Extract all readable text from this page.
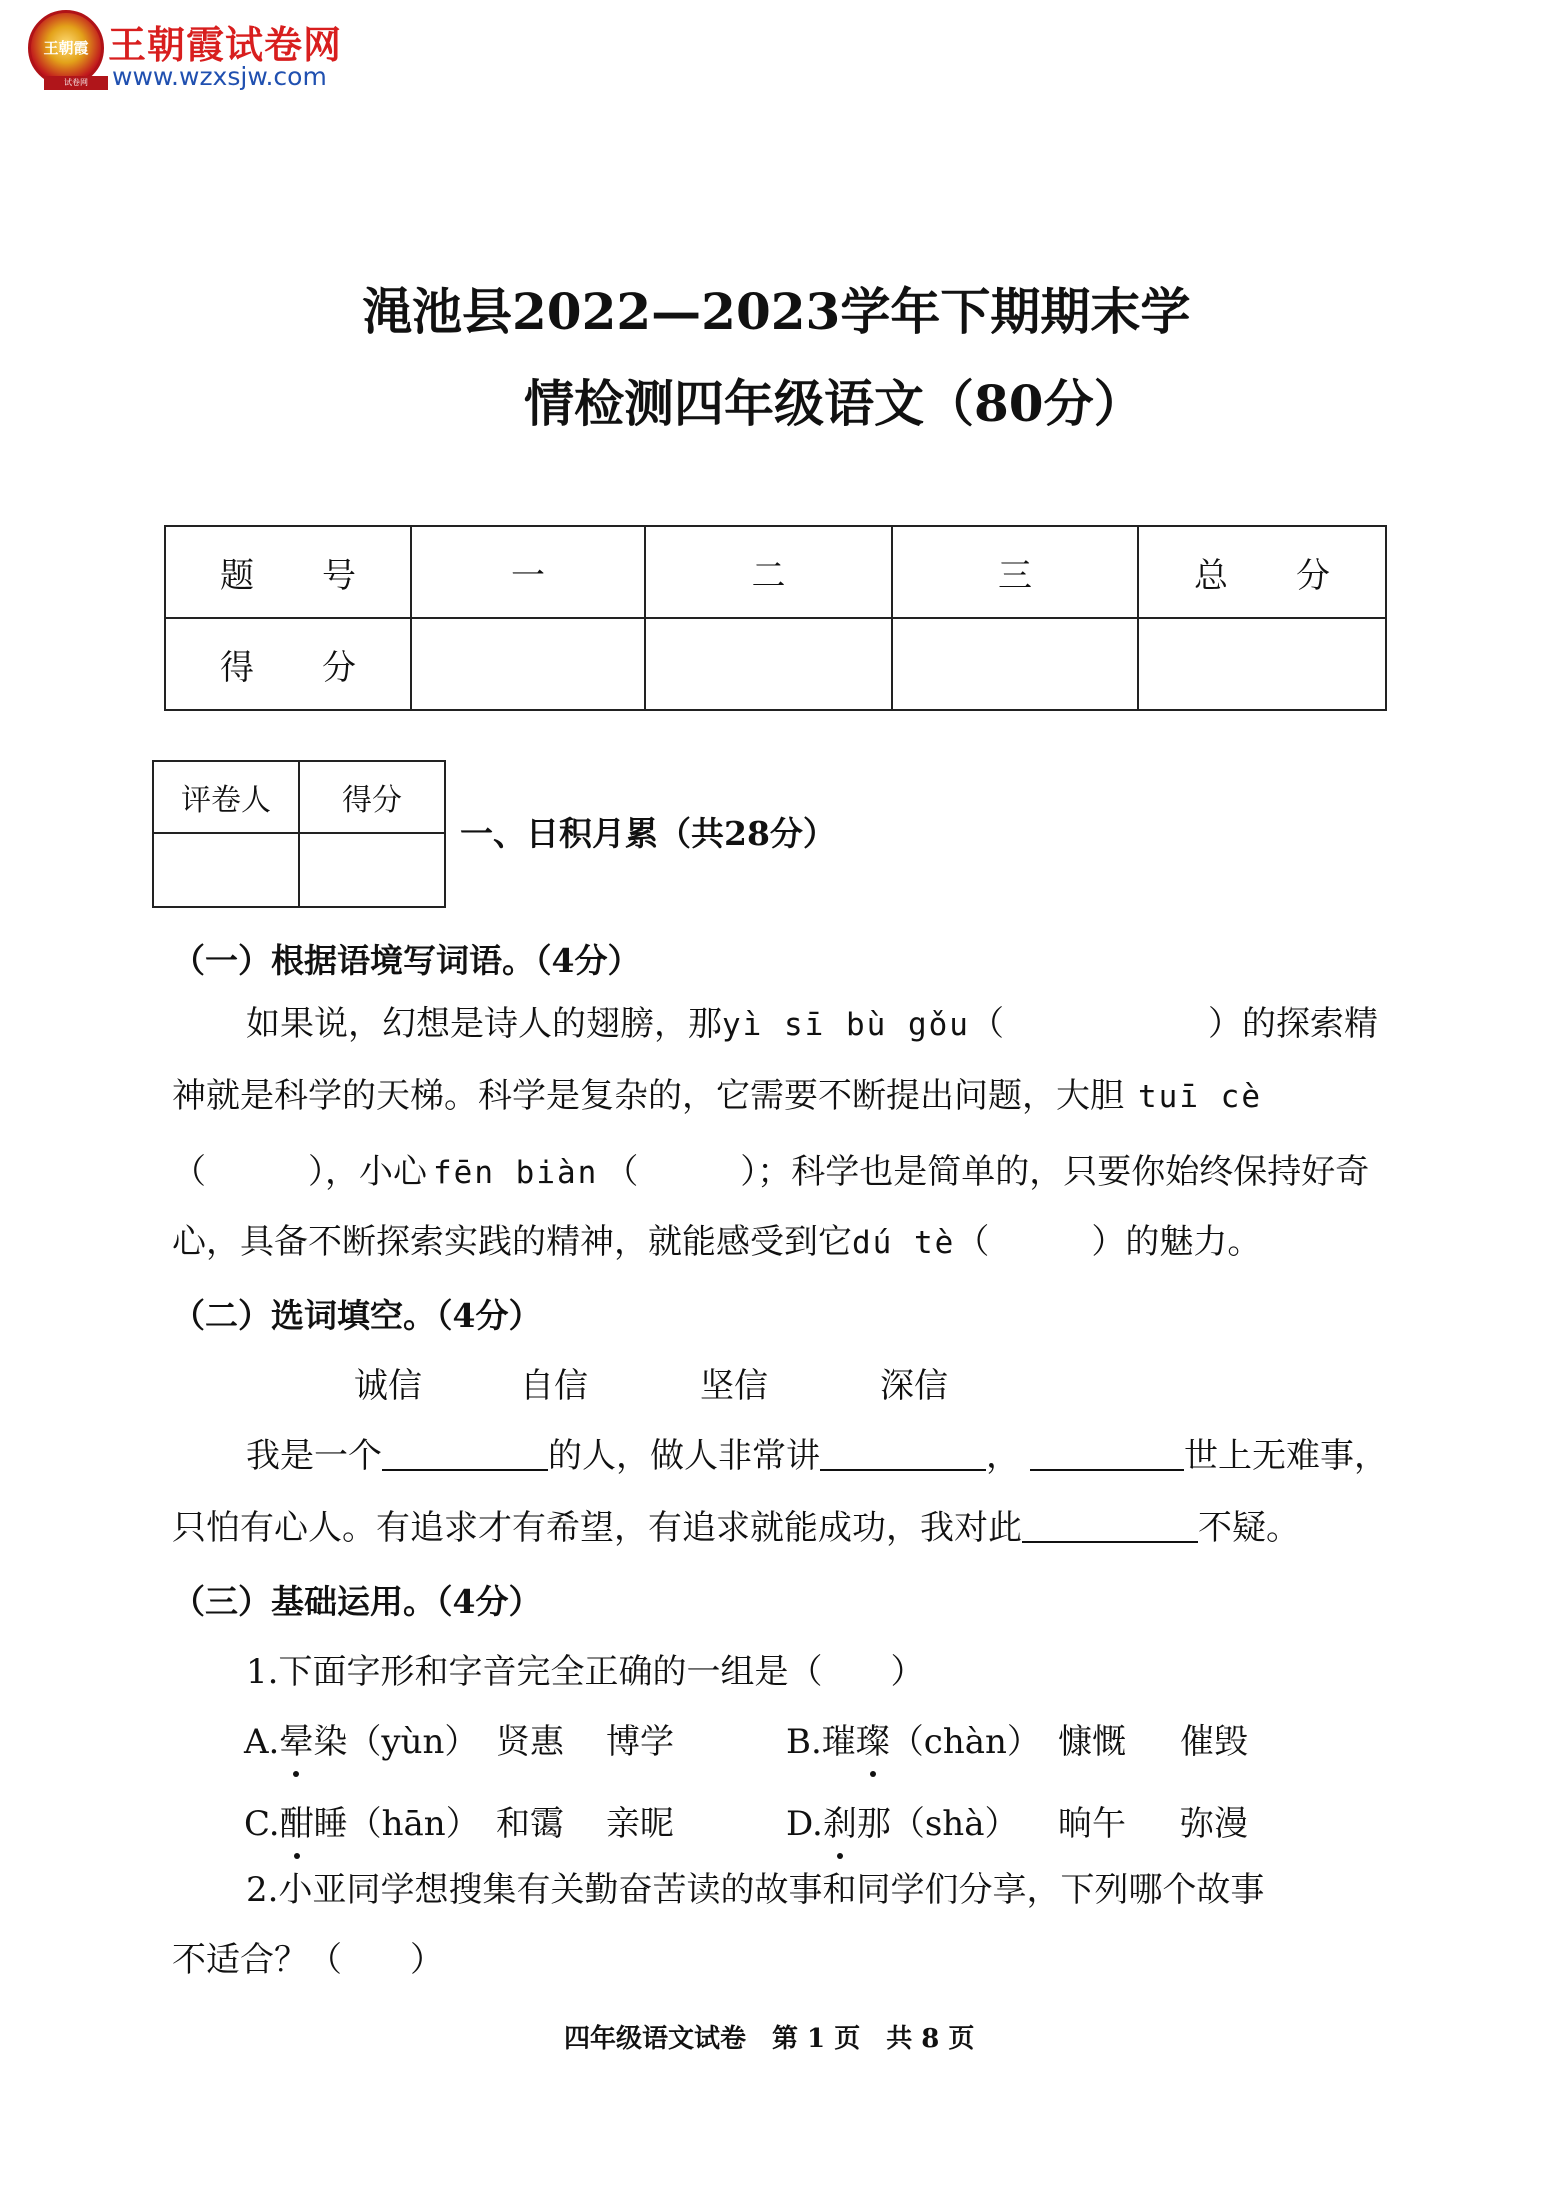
王朝霞
试卷网
王朝霞试卷网
www.wzxsjw.com
渑池县2022—2023学年下期期末学
情检测四年级语文（80分）
题　　号	一	二	三	总　　分
得　　分				
评卷人	得分

一、日积月累（共28分）
（一）根据语境写词语。（4分）
如果说，幻想是诗人的翅膀，那yì sī bù gǒu（　　　　　　）的探索精
神就是科学的天梯。科学是复杂的，它需要不断提出问题，大胆 tuī cè
（　　　），小心 fēn biàn （　　　）；科学也是简单的，只要你始终保持好奇
心，具备不断探索实践的精神，就能感受到它dú tè（　　　）的魅力。
（二）选词填空。（4分）
诚信	自信	坚信	深信
我是一个	的人，做人非常讲	，	世上无难事，
只怕有心人。有追求才有希望，有追求就能成功，我对此	不疑。
（三）基础运用。（4分）
1.下面字形和字音完全正确的一组是（　　）
A.晕染（yùn） 贤惠 博学	B.璀璨（chàn） 慷慨 催毁
C.酣睡（hān） 和霭 亲昵	D.刹那（shà） 晌午 弥漫
2.小亚同学想搜集有关勤奋苦读的故事和同学们分享，下列哪个故事
不适合？（　　）
四年级语文试卷　第 1 页　共 8 页
